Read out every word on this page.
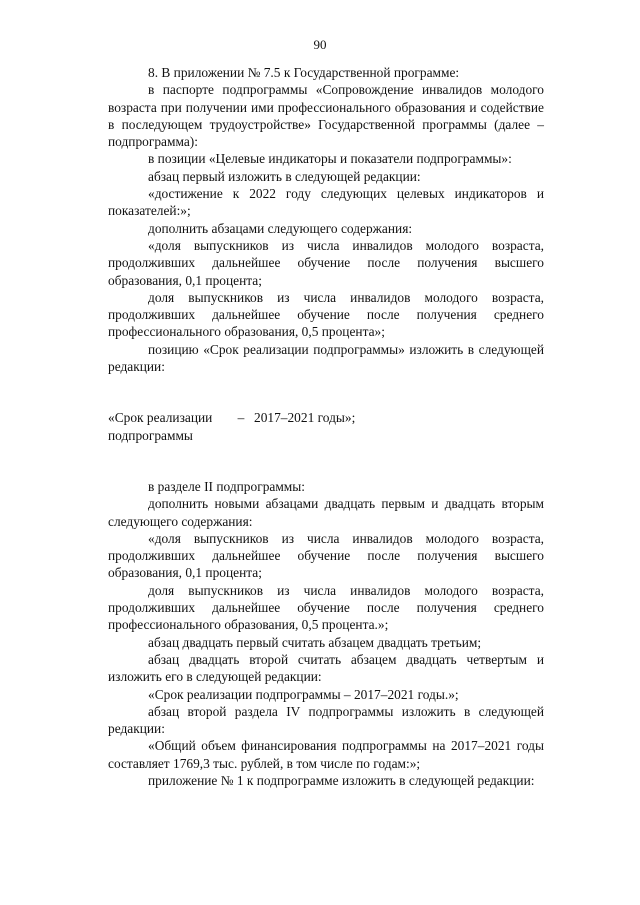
90

8. В приложении № 7.5 к Государственной программе:

в паспорте подпрограммы «Сопровождение инвалидов молодого возраста при получении ими профессионального образования и содействие в последующем трудоустройстве» Государственной программы (далее – подпрограмма):

в позиции «Целевые индикаторы и показатели подпрограммы»:

абзац первый изложить в следующей редакции:

«достижение к 2022 году следующих целевых индикаторов и показателей:»;

дополнить абзацами следующего содержания:

«доля выпускников из числа инвалидов молодого возраста, продолживших дальнейшее обучение после получения высшего образования, 0,1 процента;

доля выпускников из числа инвалидов молодого возраста, продолживших дальнейшее обучение после получения среднего профессионального образования, 0,5 процента»;

позицию «Срок реализации подпрограммы» изложить в следующей редакции:

«Срок реализации подпрограммы
– 2017–2021 годы»;

в разделе II подпрограммы:

дополнить новыми абзацами двадцать первым и двадцать вторым следующего содержания:

«доля выпускников из числа инвалидов молодого возраста, продолживших дальнейшее обучение после получения высшего образования, 0,1 процента;

доля выпускников из числа инвалидов молодого возраста, продолживших дальнейшее обучение после получения среднего профессионального образования, 0,5 процента.»;

абзац двадцать первый считать абзацем двадцать третьим;

абзац двадцать второй считать абзацем двадцать четвертым и изложить его в следующей редакции:

«Срок реализации подпрограммы – 2017–2021 годы.»;

абзац второй раздела IV подпрограммы изложить в следующей редакции:

«Общий объем финансирования подпрограммы на 2017–2021 годы составляет 1769,3 тыс. рублей, в том числе по годам:»;

приложение № 1 к подпрограмме изложить в следующей редакции:
